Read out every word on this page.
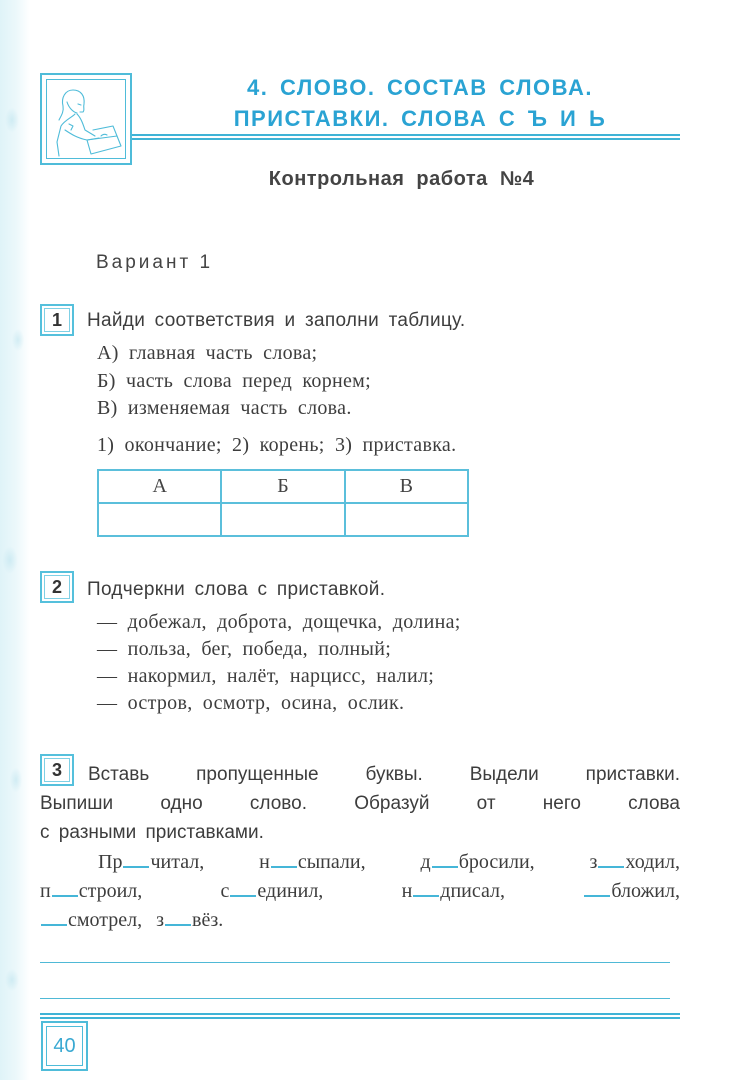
4. СЛОВО. СОСТАВ СЛОВА.
ПРИСТАВКИ. СЛОВА С Ъ И Ь
Контрольная работа №4
Вариант 1
1	Найди соответствия и заполни таблицу.
А) главная часть слова;
Б) часть слова перед корнем;
В) изменяемая часть слова.
1) окончание; 2) корень; 3) приставка.
А	Б	В

2	Подчеркни слова с приставкой.
— добежал, доброта, дощечка, долина;
— польза, бег, победа, полный;
— накормил, налёт, нарцисс, налил;
— остров, осмотр, осина, ослик.
3	Вставь пропущенные буквы. Выдели приставки.
Выпиши одно слово. Образуй от него слова
с разными приставками.
Пр читал,	н сыпали,	д бросили,	з ходил,
п строил,	с единил,	н дписал,	бложил,
смотрел, з вёз.
40
